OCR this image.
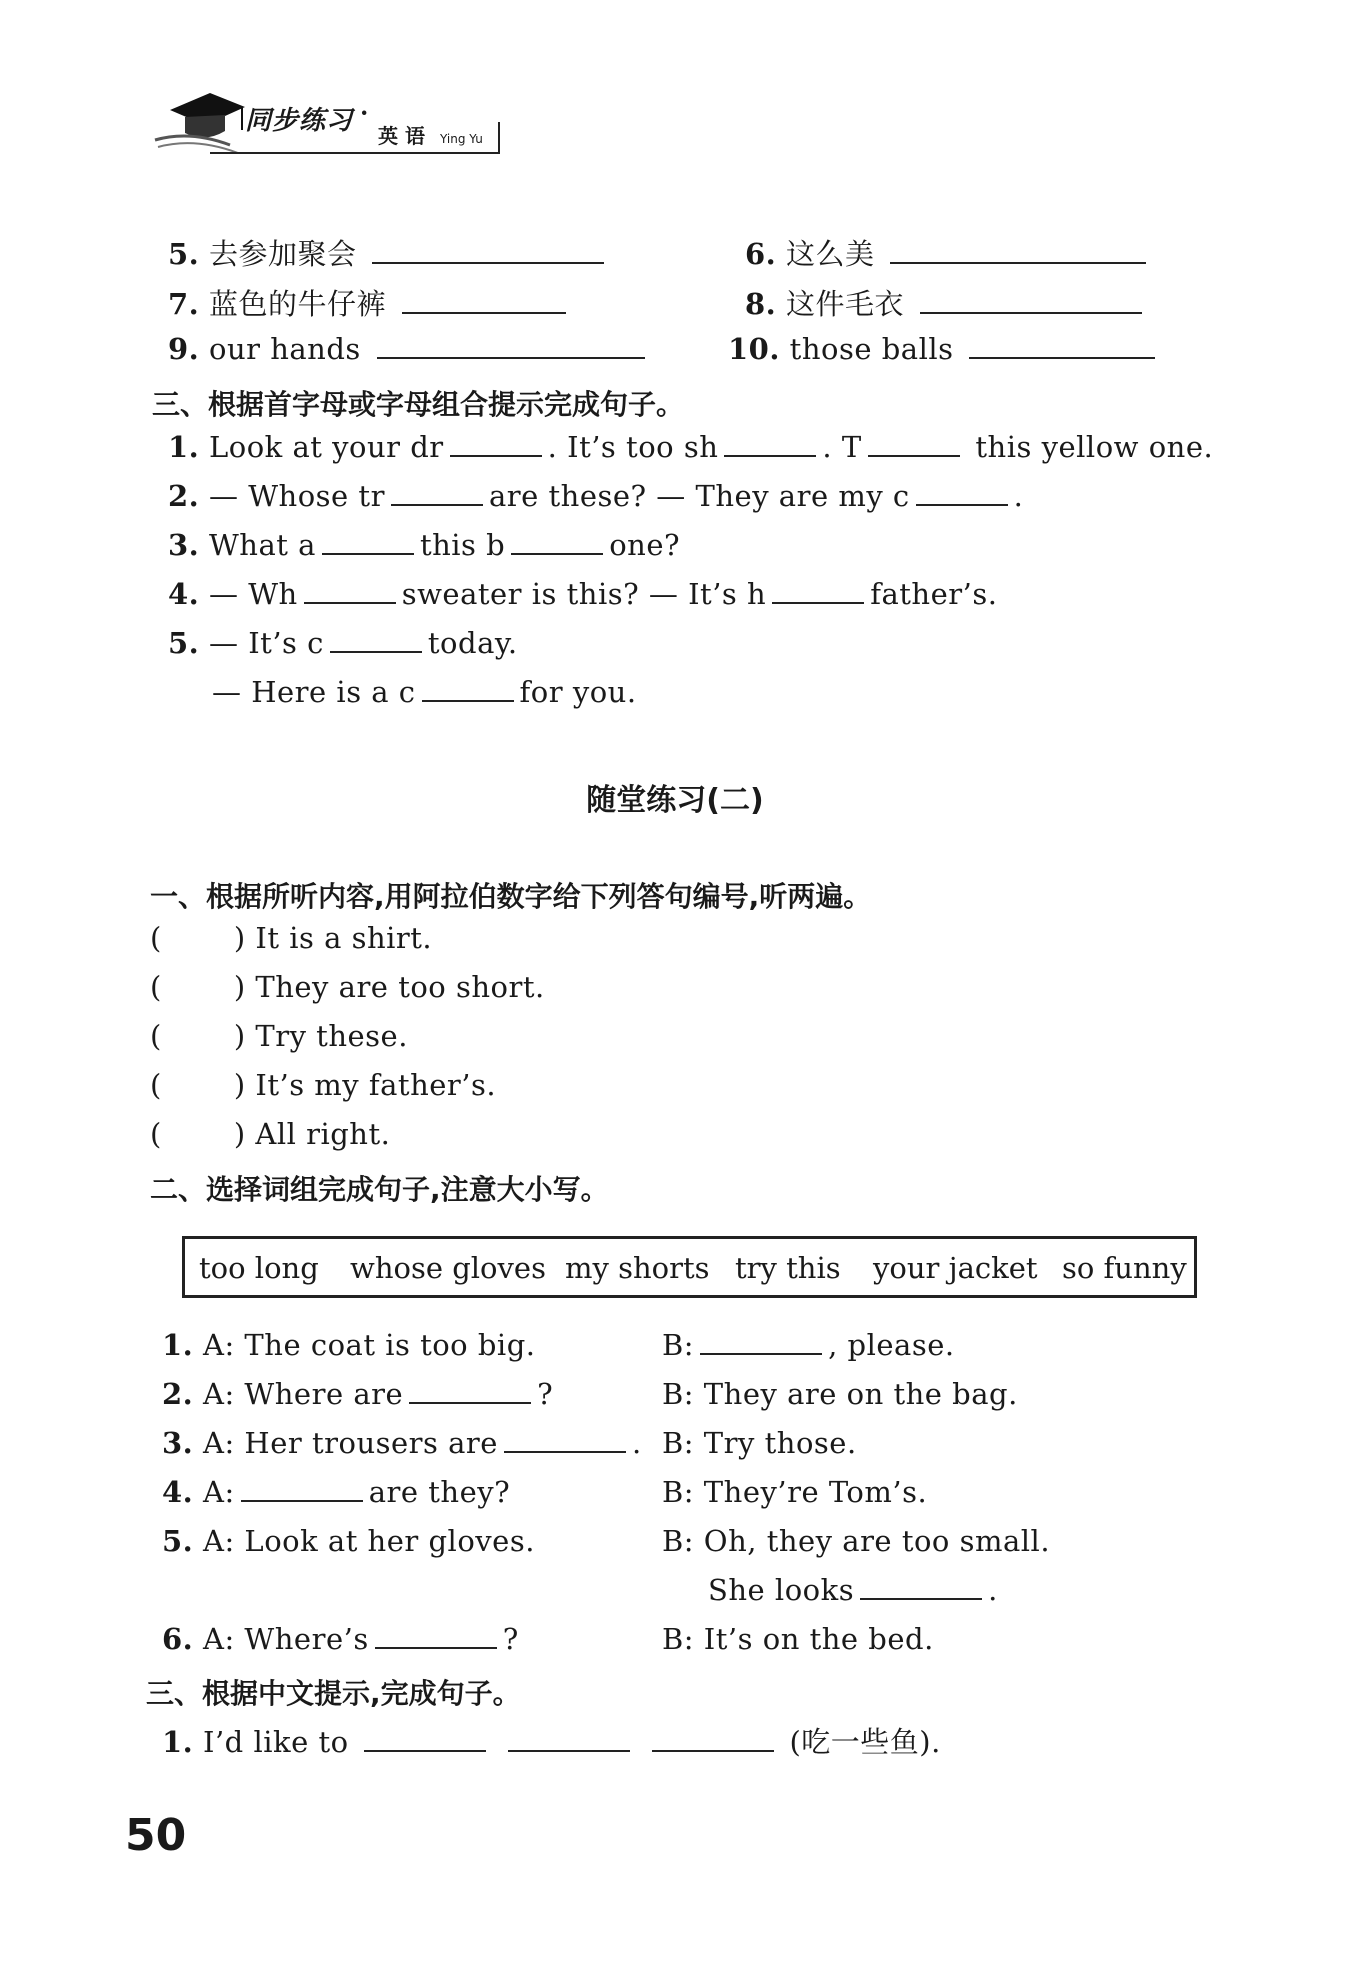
同步练习 ·
英 语 Ying Yu
5. 去参加聚会	6. 这么美
7. 蓝色的牛仔裤	8. 这件毛衣
9. our hands	10. those balls
三、根据首字母或字母组合提示完成句子。
1. Look at your dr	. It’s too sh	. T	this yellow one.
2. — Whose tr	are these? — They are my c	.
3. What a	this b	one?
4. — Wh	sweater is this? — It’s h	father’s.
5. — It’s c	today.
— Here is a c	for you.
随堂练习(二)
一、根据所听内容,用阿拉伯数字给下列答句编号,听两遍。
( ) It is a shirt.
( ) They are too short.
( ) Try these.
( ) It’s my father’s.
( ) All right.
二、选择词组完成句子,注意大小写。
too long whose gloves my shorts try this your jacket so funny
1. A: The coat is too big.	B:	, please.
2. A: Where are	?	B: They are on the bag.
3. A: Her trousers are	. B: Try those.
4. A:	are they?	B: They’re Tom’s.
5. A: Look at her gloves.	B: Oh, they are too small.
She looks	.
6. A: Where’s	?	B: It’s on the bed.
三、根据中文提示,完成句子。
1. I’d like to	(吃一些鱼).
50
